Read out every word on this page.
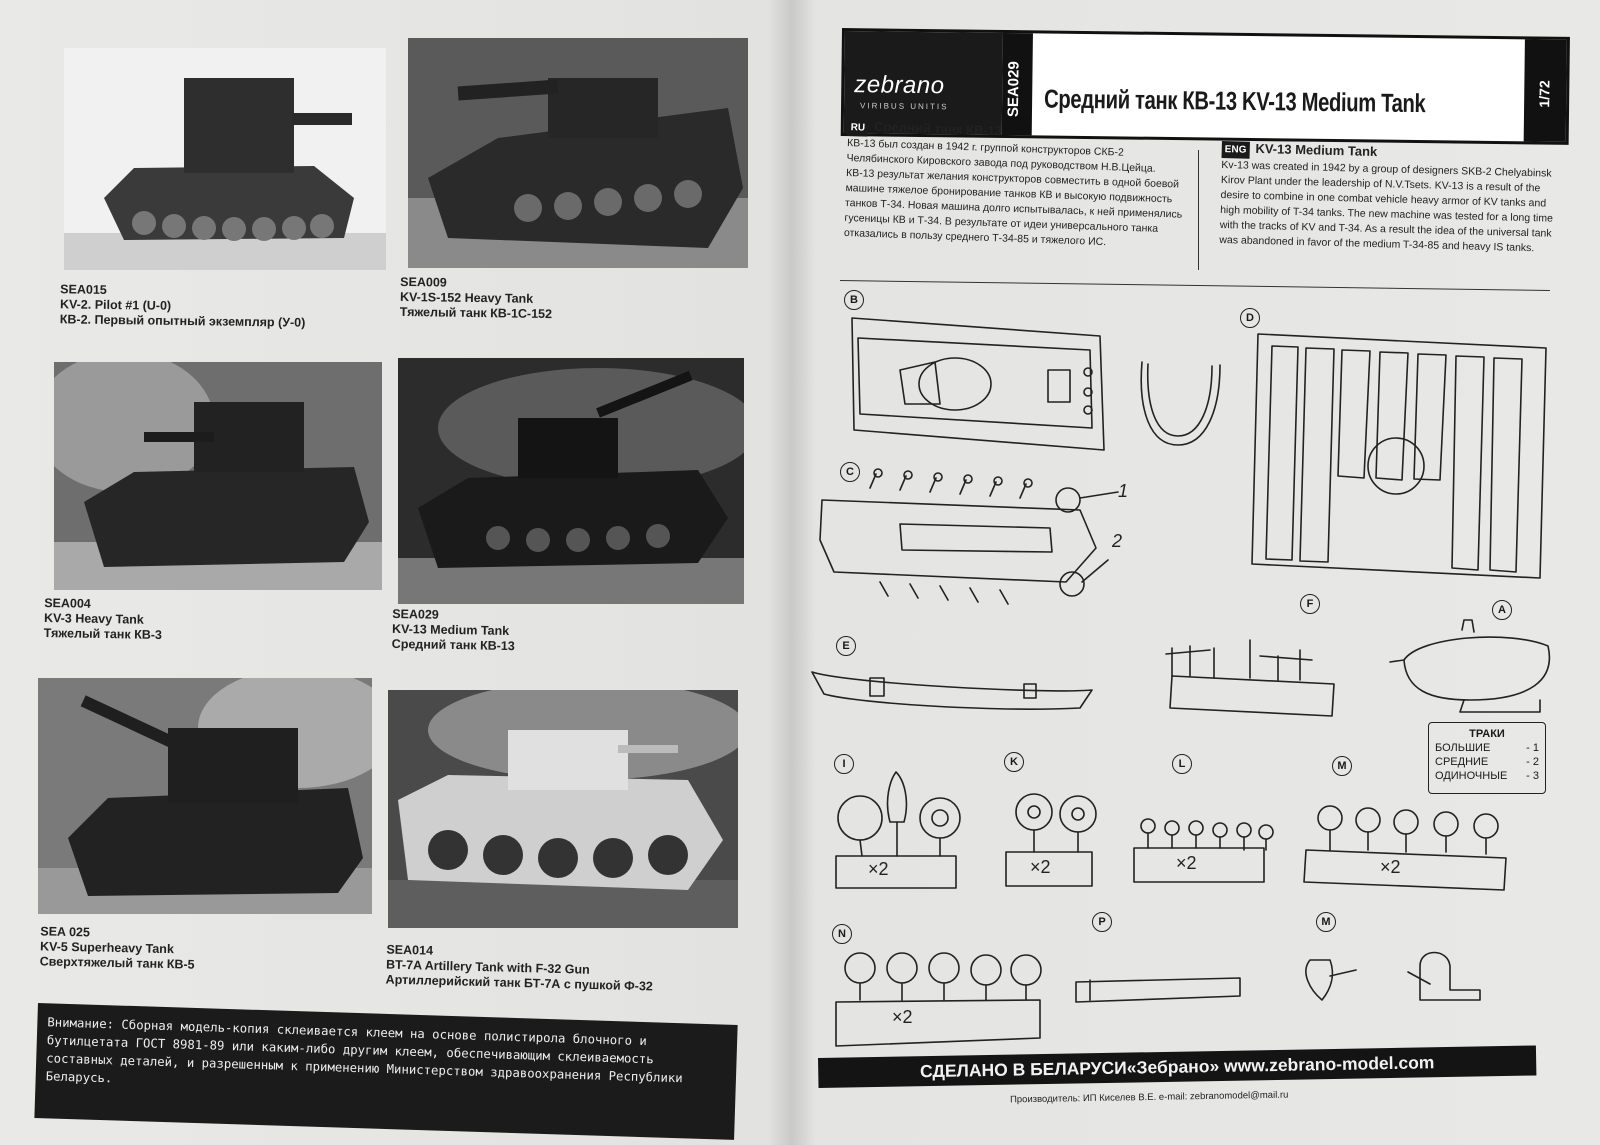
SEA015
KV-2. Pilot #1 (U-0)
КВ-2. Первый опытный экземпляр (У-0)
SEA009
KV-1S-152 Heavy Tank
Тяжелый танк КВ-1С-152
SEA004
KV-3 Heavy Tank
Тяжелый танк КВ-3
SEA029
KV-13 Medium Tank
Средний танк КВ-13
SEA 025
KV-5 Superheavy Tank
Сверхтяжелый танк КВ-5
SEA014
BT-7A Artillery Tank with F-32 Gun
Артиллерийский танк БТ-7А с пушкой Ф-32
Внимание: Сборная модель-копия склеивается клеем на основе полистирола блочного и бутилцетата ГОСТ 8981-89 или каким-либо другим клеем, обеспечивающим склеиваемость составных деталей, и разрешенным к применению Министерством здравоохранения Республики Беларусь.
zebrano
VIRIBUS UNITIS	SEA029 Средний танк КВ-13 KV-13 Medium Tank	1/72
RU Средний танк КВ-13
КВ-13 был создан в 1942 г. группой конструкторов СКБ-2 Челябинского Кировского завода под руководством Н.В.Цейца. КВ-13 результат желания конструкторов совместить в одной боевой машине тяжелое бронирование танков КВ и высокую подвижность танков Т-34. Новая машина долго испытывалась, к ней применялись гусеницы КВ и Т-34. В результате от идеи универсального танка отказались в пользу среднего Т-34-85 и тяжелого ИС.
ENG KV-13 Medium Tank
Kv-13 was created in 1942 by a group of designers SKB-2 Chelyabinsk Kirov Plant under the leadership of N.V.Tsets. KV-13 is a result of the desire to combine in one combat vehicle heavy armor of KV tanks and high mobility of T-34 tanks. The new machine was tested for a long time with the tracks of KV and T-34. As a result the idea of the universal tank was abandoned in favor of the medium T-34-85 and heavy IS tanks.
B
C
D
E
F	A
I	K	L	M
N
P	M
1
2
×2	×2	×2	×2
×2
ТРАКИ
БОЛЬШИЕ	- 1
СРЕДНИЕ	- 2
ОДИНОЧНЫЕ - 3
СДЕЛАНО В БЕЛАРУСИ«Зебрано» www.zebrano-model.com
Производитель: ИП Киселев В.Е. e-mail: zebranomodel@mail.ru
